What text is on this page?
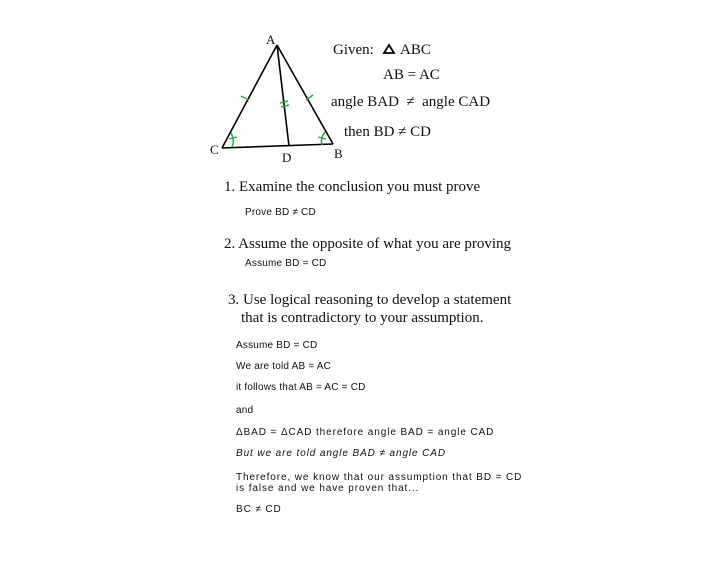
A
B
C
D
Given: ABC
AB = AC
angle BAD  ≠  angle CAD
then BD ≠ CD
1. Examine the conclusion you must prove
Prove BD ≠ CD
2. Assume the opposite of what you are proving
Assume BD = CD
3. Use logical reasoning to develop a statement
that is contradictory to your assumption.
Assume BD = CD
We are told AB = AC
it follows that AB = AC = CD
and
ΔBAD = ΔCAD therefore angle BAD = angle CAD
But we are told angle BAD ≠ angle CAD
Therefore, we know that our assumption that BD = CD
is false and we have proven that...
BC ≠ CD
